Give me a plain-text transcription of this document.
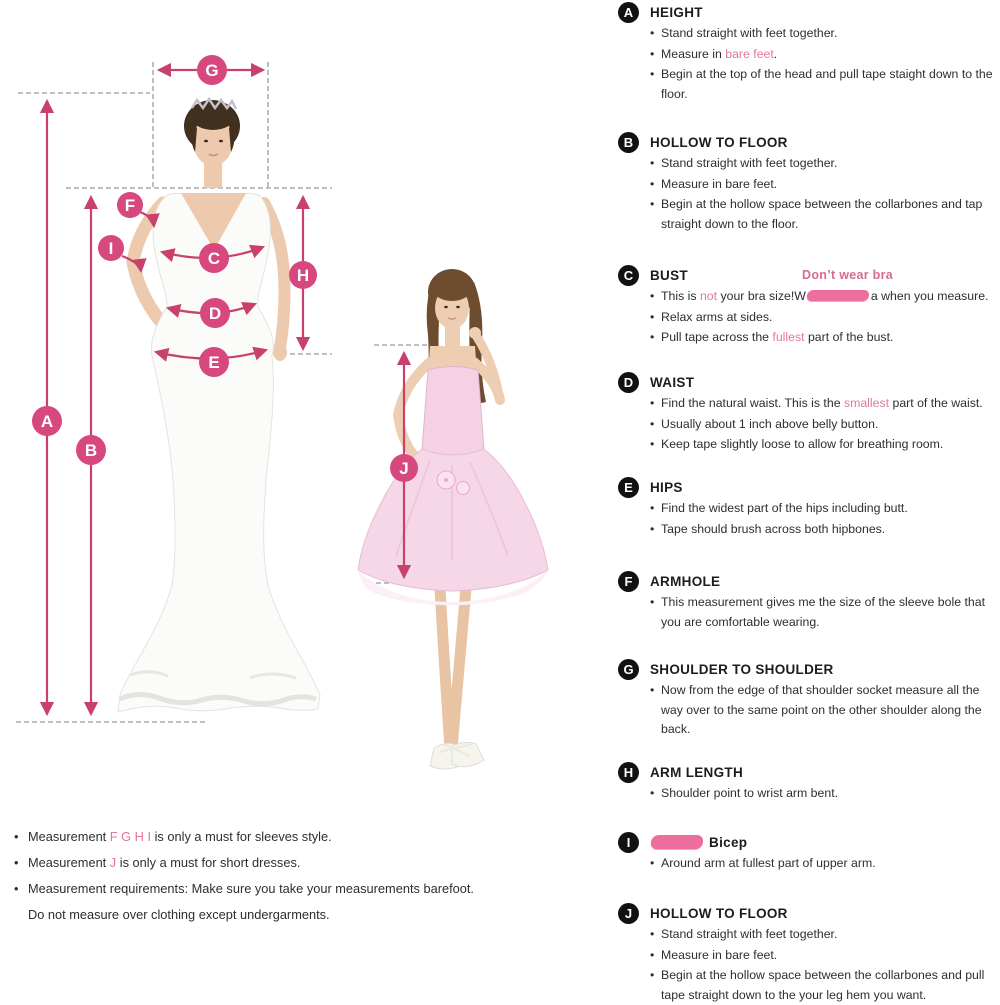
G
A
B
F
I
C
H
D
E
J
A	HEIGHT
• Stand straight with feet together.
• Measure in bare feet.
• Begin at the top of the head and pull tape staight down to the floor.
B	HOLLOW TO FLOOR
• Stand straight with feet together.
• Measure in bare feet.
• Begin at the hollow space between the collarbones and tap straight down to the floor.
C	BUST	Don’t wear bra
• This is not your bra size!W	a when you measure.
• Relax arms at sides.
• Pull tape across the fullest part of the bust.
D	WAIST
• Find the natural waist. This is the smallest part of the waist.
• Usually about 1 inch above belly button.
• Keep tape slightly loose to allow for breathing room.
E	HIPS
• Find the widest part of the hips including butt.
• Tape should brush across both hipbones.
F	ARMHOLE
• This measurement gives me the size of the sleeve bole that you are comfortable wearing.
G	SHOULDER TO SHOULDER
• Now from the edge of that shoulder socket measure all the way over to the same point on the other shoulder along the back.
H	ARM LENGTH
• Shoulder point to wrist arm bent.
I	Bicep
• Around arm at fullest part of upper arm.
J	HOLLOW TO FLOOR
• Stand straight with feet together.
• Measure in bare feet.
• Begin at the hollow space between the collarbones and pull tape straight down to the your leg hem you want.
• Measurement F G H I is only a must for sleeves style.
• Measurement J is only a must for short dresses.
• Measurement requirements: Make sure you take your measurements barefoot.
Do not measure over clothing except undergarments.
